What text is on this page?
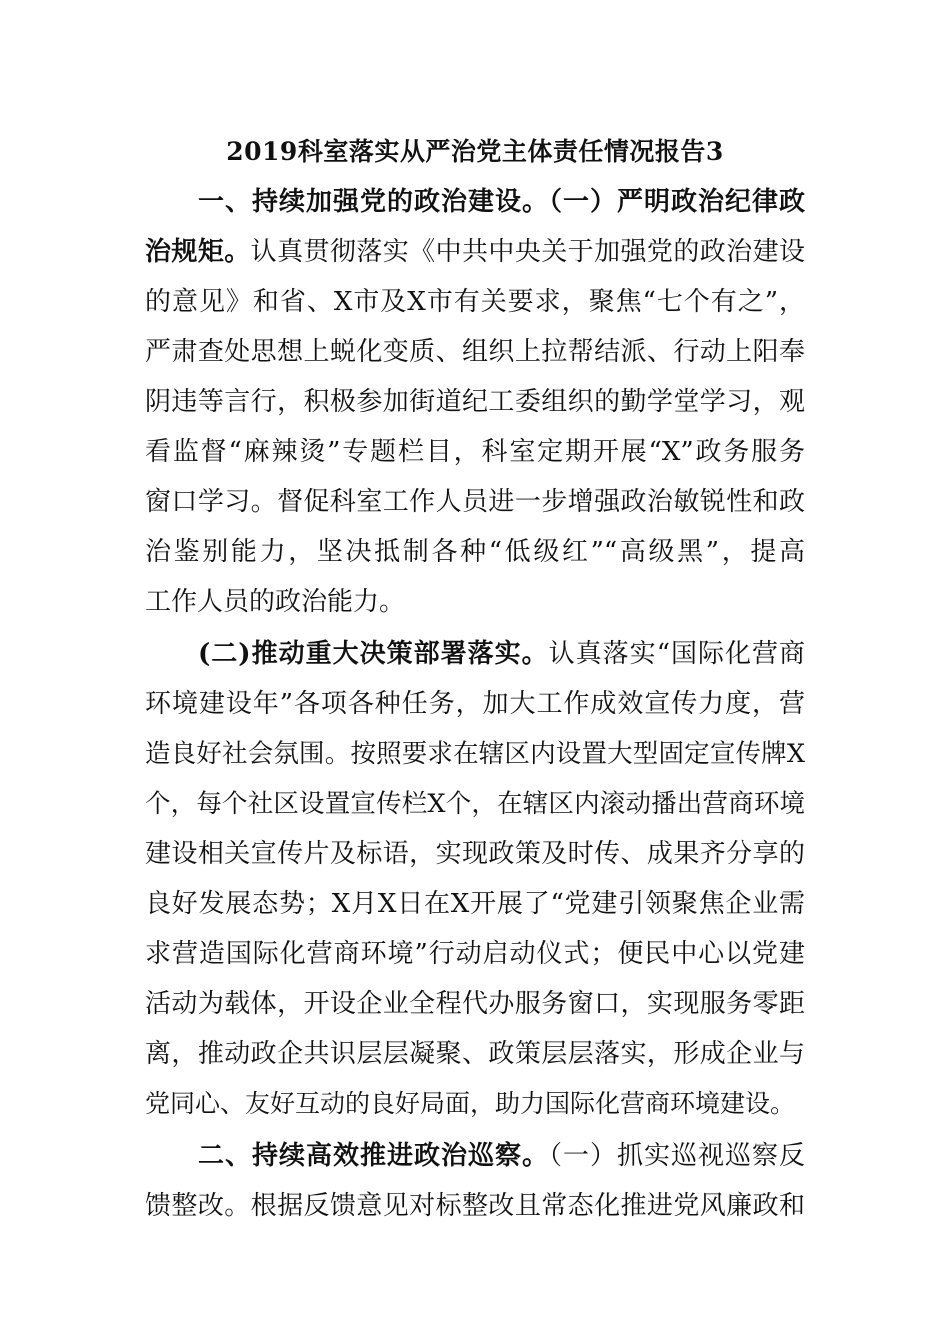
2019科室落实从严治党主体责任情况报告3
一、持续加强党的政治建设。（一）严明政治纪律政
治规矩。认真贯彻落实《中共中央关于加强党的政治建设
的意见》和省、X市及X市有关要求，聚焦“七个有之”，
严肃查处思想上蜕化变质、组织上拉帮结派、行动上阳奉
阴违等言行，积极参加街道纪工委组织的勤学堂学习，观
看监督“麻辣烫”专题栏目，科室定期开展“X”政务服务
窗口学习。督促科室工作人员进一步增强政治敏锐性和政
治鉴别能力，坚决抵制各种“低级红”“高级黑”，提高
工作人员的政治能力。
(二)推动重大决策部署落实。认真落实“国际化营商
环境建设年”各项各种任务，加大工作成效宣传力度，营
造良好社会氛围。按照要求在辖区内设置大型固定宣传牌X
个，每个社区设置宣传栏X个，在辖区内滚动播出营商环境
建设相关宣传片及标语，实现政策及时传、成果齐分享的
良好发展态势；X月X日在X开展了“党建引领聚焦企业需
求营造国际化营商环境”行动启动仪式；便民中心以党建
活动为载体，开设企业全程代办服务窗口，实现服务零距
离，推动政企共识层层凝聚、政策层层落实，形成企业与
党同心、友好互动的良好局面，助力国际化营商环境建设。
二、持续高效推进政治巡察。（一）抓实巡视巡察反
馈整改。根据反馈意见对标整改且常态化推进党风廉政和
